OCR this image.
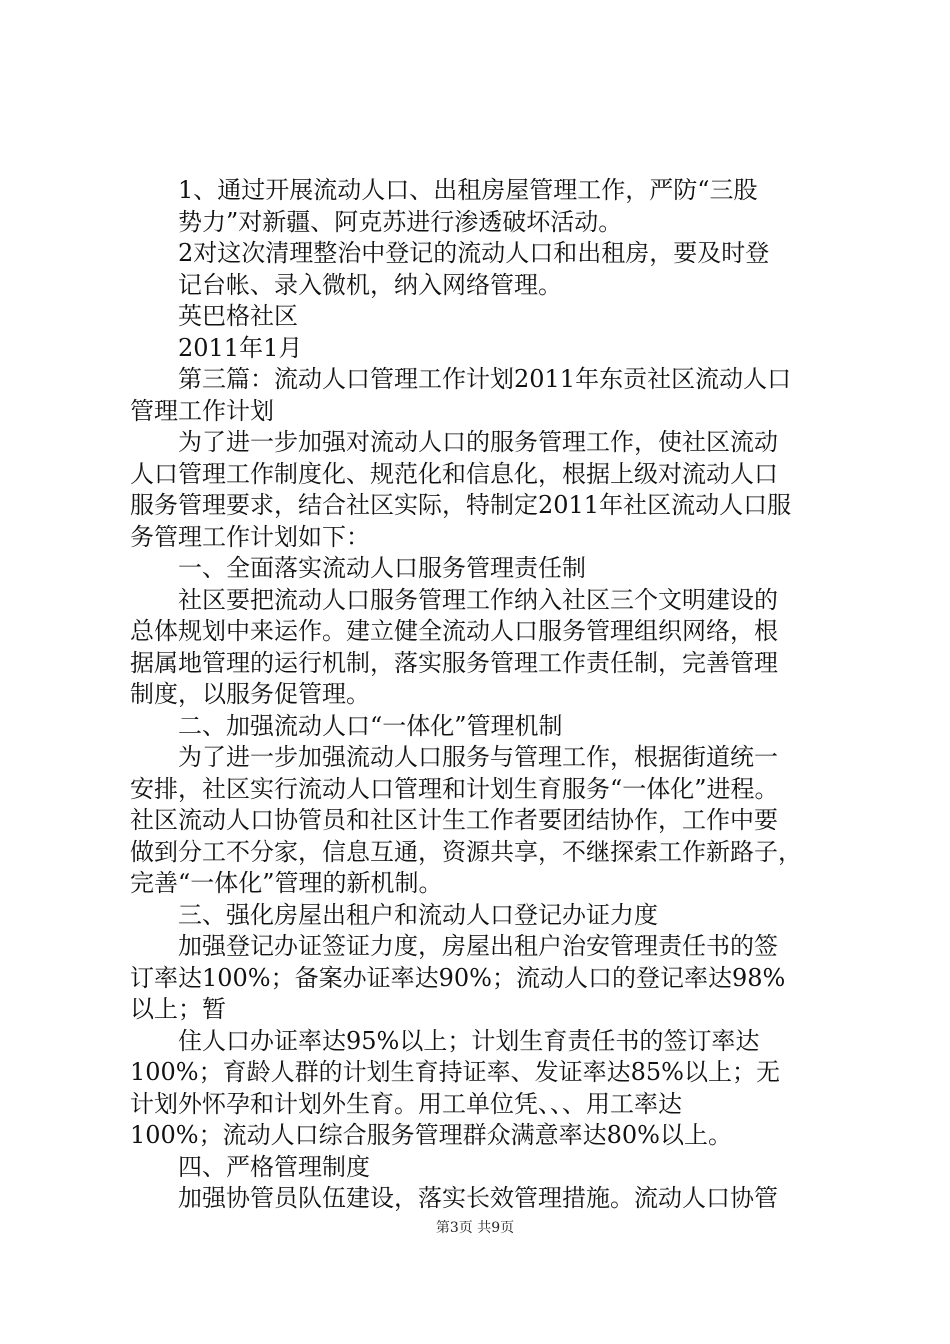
1、通过开展流动人口、出租房屋管理工作，严防“三股
势力”对新疆、阿克苏进行渗透破坏活动。
2对这次清理整治中登记的流动人口和出租房，要及时登
记台帐、录入微机，纳入网络管理。
英巴格社区
2011年1月
第三篇：流动人口管理工作计划2011年东贡社区流动人口
管理工作计划
为了进一步加强对流动人口的服务管理工作，使社区流动
人口管理工作制度化、规范化和信息化，根据上级对流动人口
服务管理要求，结合社区实际，特制定2011年社区流动人口服
务管理工作计划如下：
一、全面落实流动人口服务管理责任制
社区要把流动人口服务管理工作纳入社区三个文明建设的
总体规划中来运作。建立健全流动人口服务管理组织网络，根
据属地管理的运行机制，落实服务管理工作责任制，完善管理
制度，以服务促管理。
二、加强流动人口“一体化”管理机制
为了进一步加强流动人口服务与管理工作，根据街道统一
安排，社区实行流动人口管理和计划生育服务“一体化”进程。
社区流动人口协管员和社区计生工作者要团结协作，工作中要
做到分工不分家，信息互通，资源共享，不继探索工作新路子，
完善“一体化”管理的新机制。
三、强化房屋出租户和流动人口登记办证力度
加强登记办证签证力度，房屋出租户治安管理责任书的签
订率达100%；备案办证率达90%；流动人口的登记率达98%
以上；暂
住人口办证率达95%以上；计划生育责任书的签订率达
100%；育龄人群的计划生育持证率、发证率达85%以上；无
计划外怀孕和计划外生育。用工单位凭、、、用工率达
100%；流动人口综合服务管理群众满意率达80%以上。
四、严格管理制度
加强协管员队伍建设，落实长效管理措施。流动人口协管
第3页 共9页
